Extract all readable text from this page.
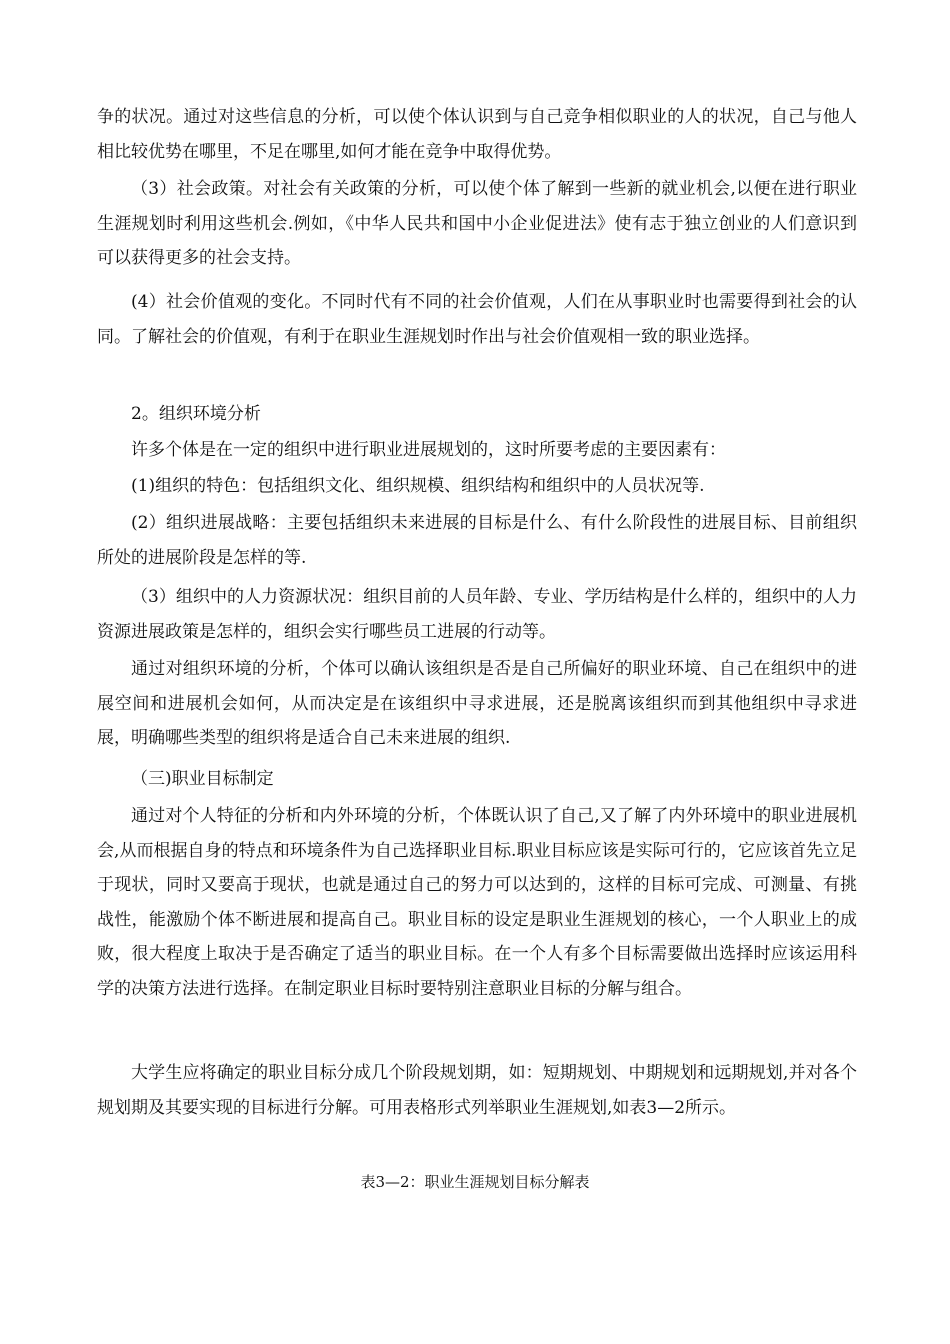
争的状况。通过对这些信息的分析，可以使个体认识到与自己竞争相似职业的人的状况，自己与他人相比较优势在哪里，不足在哪里,如何才能在竞争中取得优势。

（3）社会政策。对社会有关政策的分析，可以使个体了解到一些新的就业机会,以便在进行职业生涯规划时利用这些机会.例如，《中华人民共和国中小企业促进法》使有志于独立创业的人们意识到可以获得更多的社会支持。

(4）社会价值观的变化。不同时代有不同的社会价值观，人们在从事职业时也需要得到社会的认同。了解社会的价值观，有利于在职业生涯规划时作出与社会价值观相一致的职业选择。

2。组织环境分析

许多个体是在一定的组织中进行职业进展规划的，这时所要考虑的主要因素有：

(1)组织的特色：包括组织文化、组织规模、组织结构和组织中的人员状况等.

(2）组织进展战略：主要包括组织未来进展的目标是什么、有什么阶段性的进展目标、目前组织所处的进展阶段是怎样的等.

（3）组织中的人力资源状况：组织目前的人员年龄、专业、学历结构是什么样的，组织中的人力资源进展政策是怎样的，组织会实行哪些员工进展的行动等。

通过对组织环境的分析，个体可以确认该组织是否是自己所偏好的职业环境、自己在组织中的进展空间和进展机会如何，从而决定是在该组织中寻求进展，还是脱离该组织而到其他组织中寻求进展，明确哪些类型的组织将是适合自己未来进展的组织.

（三)职业目标制定

通过对个人特征的分析和内外环境的分析，个体既认识了自己,又了解了内外环境中的职业进展机会,从而根据自身的特点和环境条件为自己选择职业目标.职业目标应该是实际可行的，它应该首先立足于现状，同时又要高于现状，也就是通过自己的努力可以达到的，这样的目标可完成、可测量、有挑战性，能激励个体不断进展和提高自己。职业目标的设定是职业生涯规划的核心，一个人职业上的成败，很大程度上取决于是否确定了适当的职业目标。在一个人有多个目标需要做出选择时应该运用科学的决策方法进行选择。在制定职业目标时要特别注意职业目标的分解与组合。

大学生应将确定的职业目标分成几个阶段规划期，如：短期规划、中期规划和远期规划,并对各个规划期及其要实现的目标进行分解。可用表格形式列举职业生涯规划,如表3—2所示。

表3—2：职业生涯规划目标分解表
